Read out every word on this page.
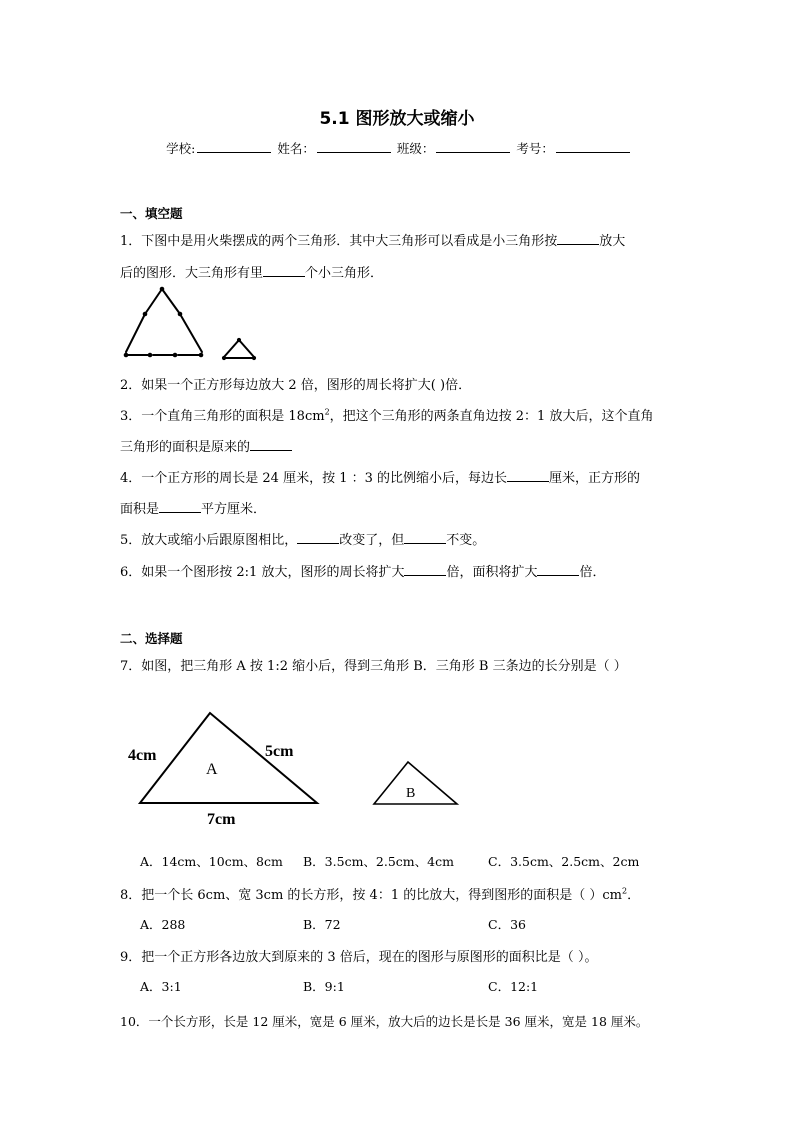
5.1 图形放大或缩小
学校:	姓名：	班级：	考号：
一、填空题
1．下图中是用火柴摆成的两个三角形．其中大三角形可以看成是小三角形按	放大
后的图形．大三角形有里	个小三角形．
2．如果一个正方形每边放大 2 倍，图形的周长将扩大( )倍．
3．一个直角三角形的面积是 $18cm^2$，把这个三角形的两条直角边按 2：1 放大后，这个直角
三角形的面积是原来的
4．一个正方形的周长是 24 厘米，按 1 ：3 的比例缩小后，每边长	厘米，正方形的
面积是	平方厘米．
5．放大或缩小后跟原图相比，	改变了，但	不变。
6．如果一个图形按 2:1 放大，图形的周长将扩大	倍，面积将扩大	倍．
二、选择题
7．如图，把三角形 A 按 1:2 缩小后，得到三角形 B．三角形 B 三条边的长分别是（ ）
4cm	5cm
7cm
A
B
A．14cm、10cm、8cm B．3.5cm、2.5cm、4cm	C．3.5cm、2.5cm、2cm
8．把一个长 6cm、宽 3cm 的长方形，按 4：1 的比放大，得到图形的面积是（ ）$cm^2$．
A．288	B．72	C．36
9．把一个正方形各边放大到原来的 3 倍后，现在的图形与原图形的面积比是（ ）。
A．3:1	B．9:1	C．12:1
10．一个长方形，长是 12 厘米，宽是 6 厘米，放大后的边长是长是 36 厘米，宽是 18 厘米。
